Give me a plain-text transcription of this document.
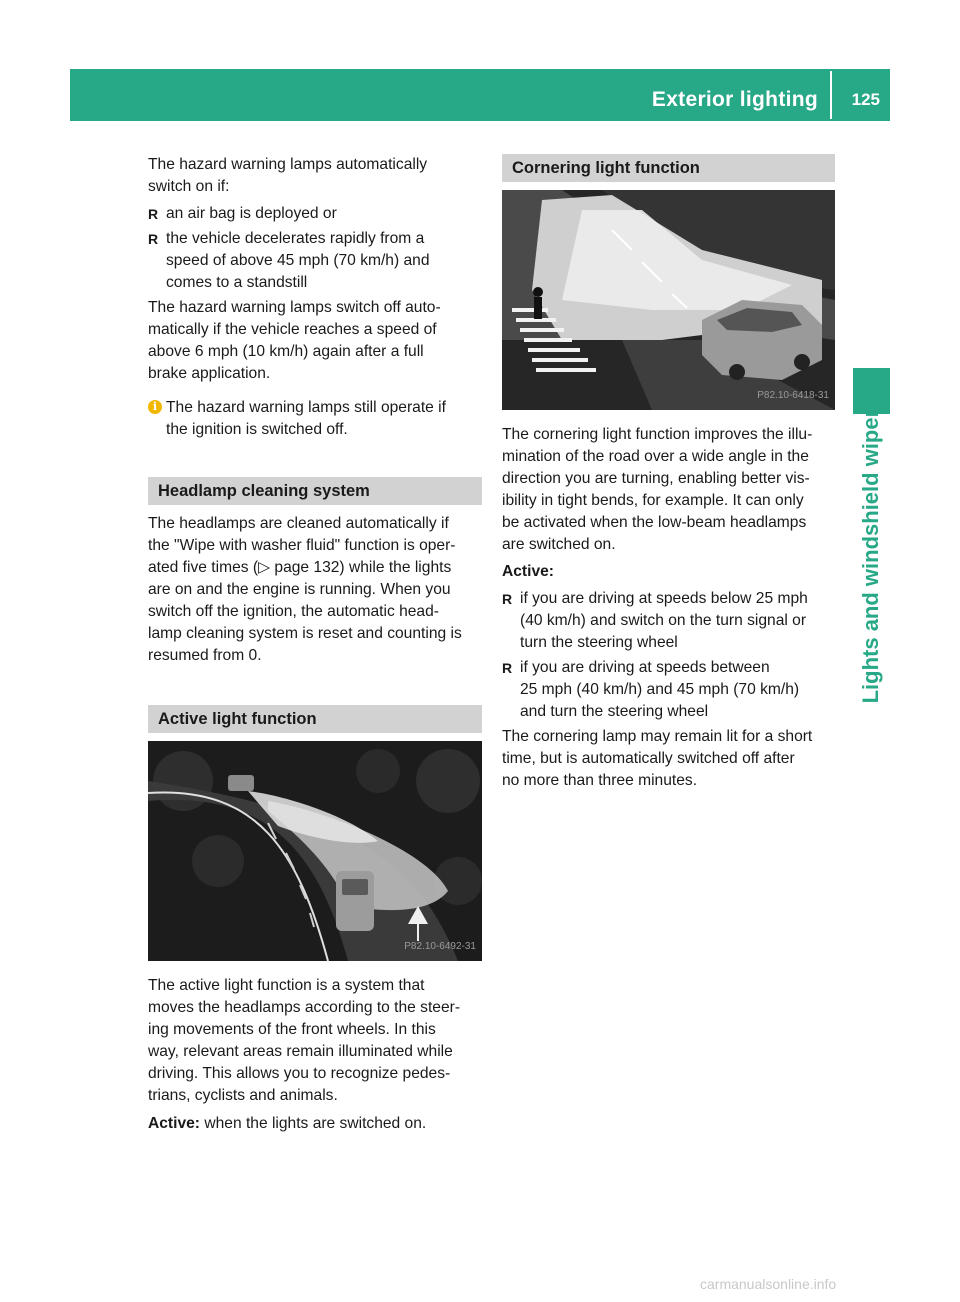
Exterior lighting 125
Lights and windshield wipers

The hazard warning lamps automatically
switch on if:

R an air bag is deployed or
R the vehicle decelerates rapidly from a
speed of above 45 mph (70 km/h) and
comes to a standstill

The hazard warning lamps switch off auto-
matically if the vehicle reaches a speed of
above 6 mph (10 km/h) again after a full
brake application.

i The hazard warning lamps still operate if
the ignition is switched off.
Headlamp cleaning system

The headlamps are cleaned automatically if
the "Wipe with washer fluid" function is oper-
ated five times (▷ page 132) while the lights
are on and the engine is running. When you
switch off the ignition, the automatic head-
lamp cleaning system is reset and counting is
resumed from 0.

Active light function
P82.10-6492-31

The active light function is a system that
moves the headlamps according to the steer-
ing movements of the front wheels. In this
way, relevant areas remain illuminated while
driving. This allows you to recognize pedes-
trians, cyclists and animals.

Active: when the lights are switched on.

Cornering light function
P82.10-6418-31

The cornering light function improves the illu-
mination of the road over a wide angle in the
direction you are turning, enabling better vis-
ibility in tight bends, for example. It can only
be activated when the low-beam headlamps
are switched on.

Active:

R if you are driving at speeds below 25 mph
(40 km/h) and switch on the turn signal or
turn the steering wheel
R if you are driving at speeds between
25 mph (40 km/h) and 45 mph (70 km/h)
and turn the steering wheel

The cornering lamp may remain lit for a short
time, but is automatically switched off after
no more than three minutes.

carmanualsonline.info
